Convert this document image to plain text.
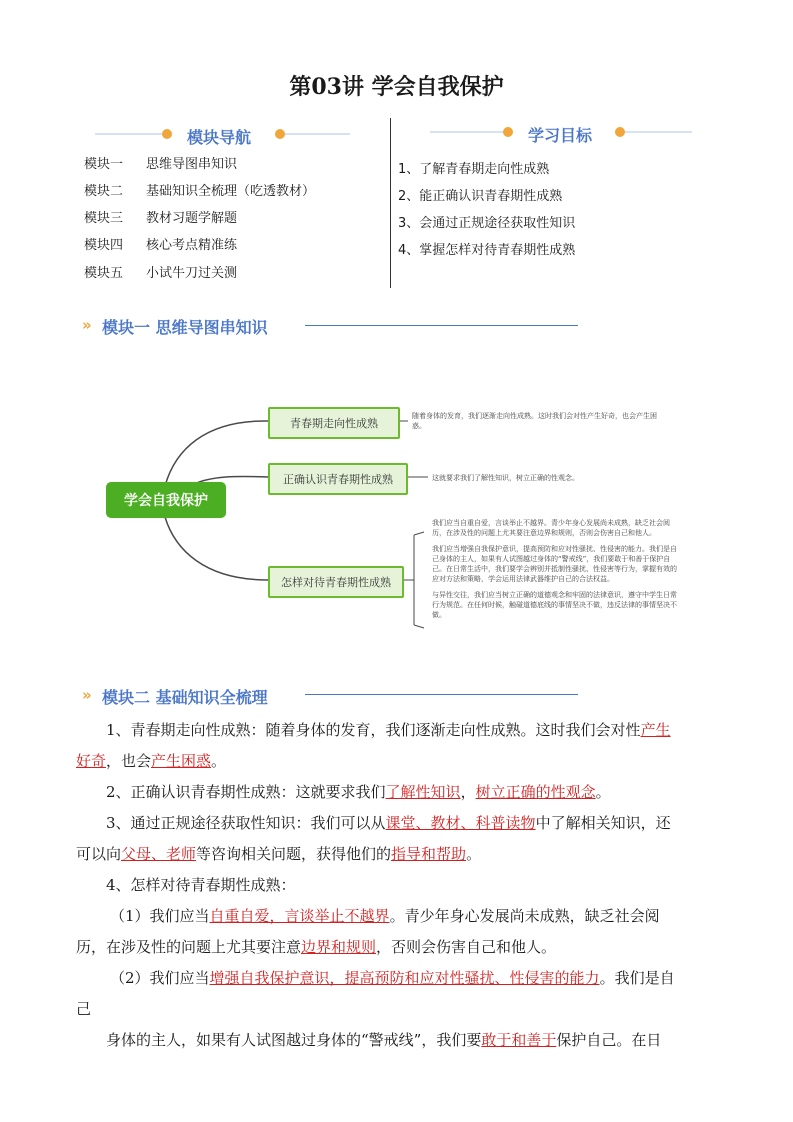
第03讲 学会自我保护
模块导航	学习目标
模块一 思维导图串知识
模块二 基础知识全梳理（吃透教材）
模块三 教材习题学解题
模块四 核心考点精准练
模块五 小试牛刀过关测
1、了解青春期走向性成熟
2、能正确认识青春期性成熟
3、会通过正规途径获取性知识
4、掌握怎样对待青春期性成熟
» 模块一 思维导图串知识
学会自我保护
青春期走向性成熟
正确认识青春期性成熟
怎样对待青春期性成熟
随着身体的发育，我们逐渐走向性成熟。这时我们会对性产生好奇，也会产生困
惑。
这就要求我们了解性知识，树立正确的性观念。
我们应当自重自爱，言谈举止不越界。青少年身心发展尚未成熟，缺乏社会阅
历，在涉及性的问题上尤其要注意边界和规则，否则会伤害自己和他人。
我们应当增强自我保护意识，提高预防和应对性骚扰、性侵害的能力。我们是自
己身体的主人，如果有人试图越过身体的“警戒线”，我们要敢于和善于保护自
己。在日常生活中，我们要学会辨别并抵制性骚扰、性侵害等行为，掌握有效的
应对方法和策略，学会运用法律武器维护自己的合法权益。
与异性交往，我们应当树立正确的道德观念和牢固的法律意识，遵守中学生日常
行为规范。在任何时候，触碰道德底线的事情坚决不做，违反法律的事情坚决不
做。
» 模块二 基础知识全梳理
1、青春期走向性成熟：随着身体的发育，我们逐渐走向性成熟。这时我们会对性产生
好奇，也会产生困惑。
2、正确认识青春期性成熟：这就要求我们了解性知识，树立正确的性观念。
3、通过正规途径获取性知识：我们可以从课堂、教材、科普读物中了解相关知识，还
可以向父母、老师等咨询相关问题，获得他们的指导和帮助。
4、怎样对待青春期性成熟：
（1）我们应当自重自爱，言谈举止不越界。青少年身心发展尚未成熟，缺乏社会阅
历，在涉及性的问题上尤其要注意边界和规则，否则会伤害自己和他人。
（2）我们应当增强自我保护意识，提高预防和应对性骚扰、性侵害的能力。我们是自
己
身体的主人，如果有人试图越过身体的“警戒线”，我们要敢于和善于保护自己。在日
